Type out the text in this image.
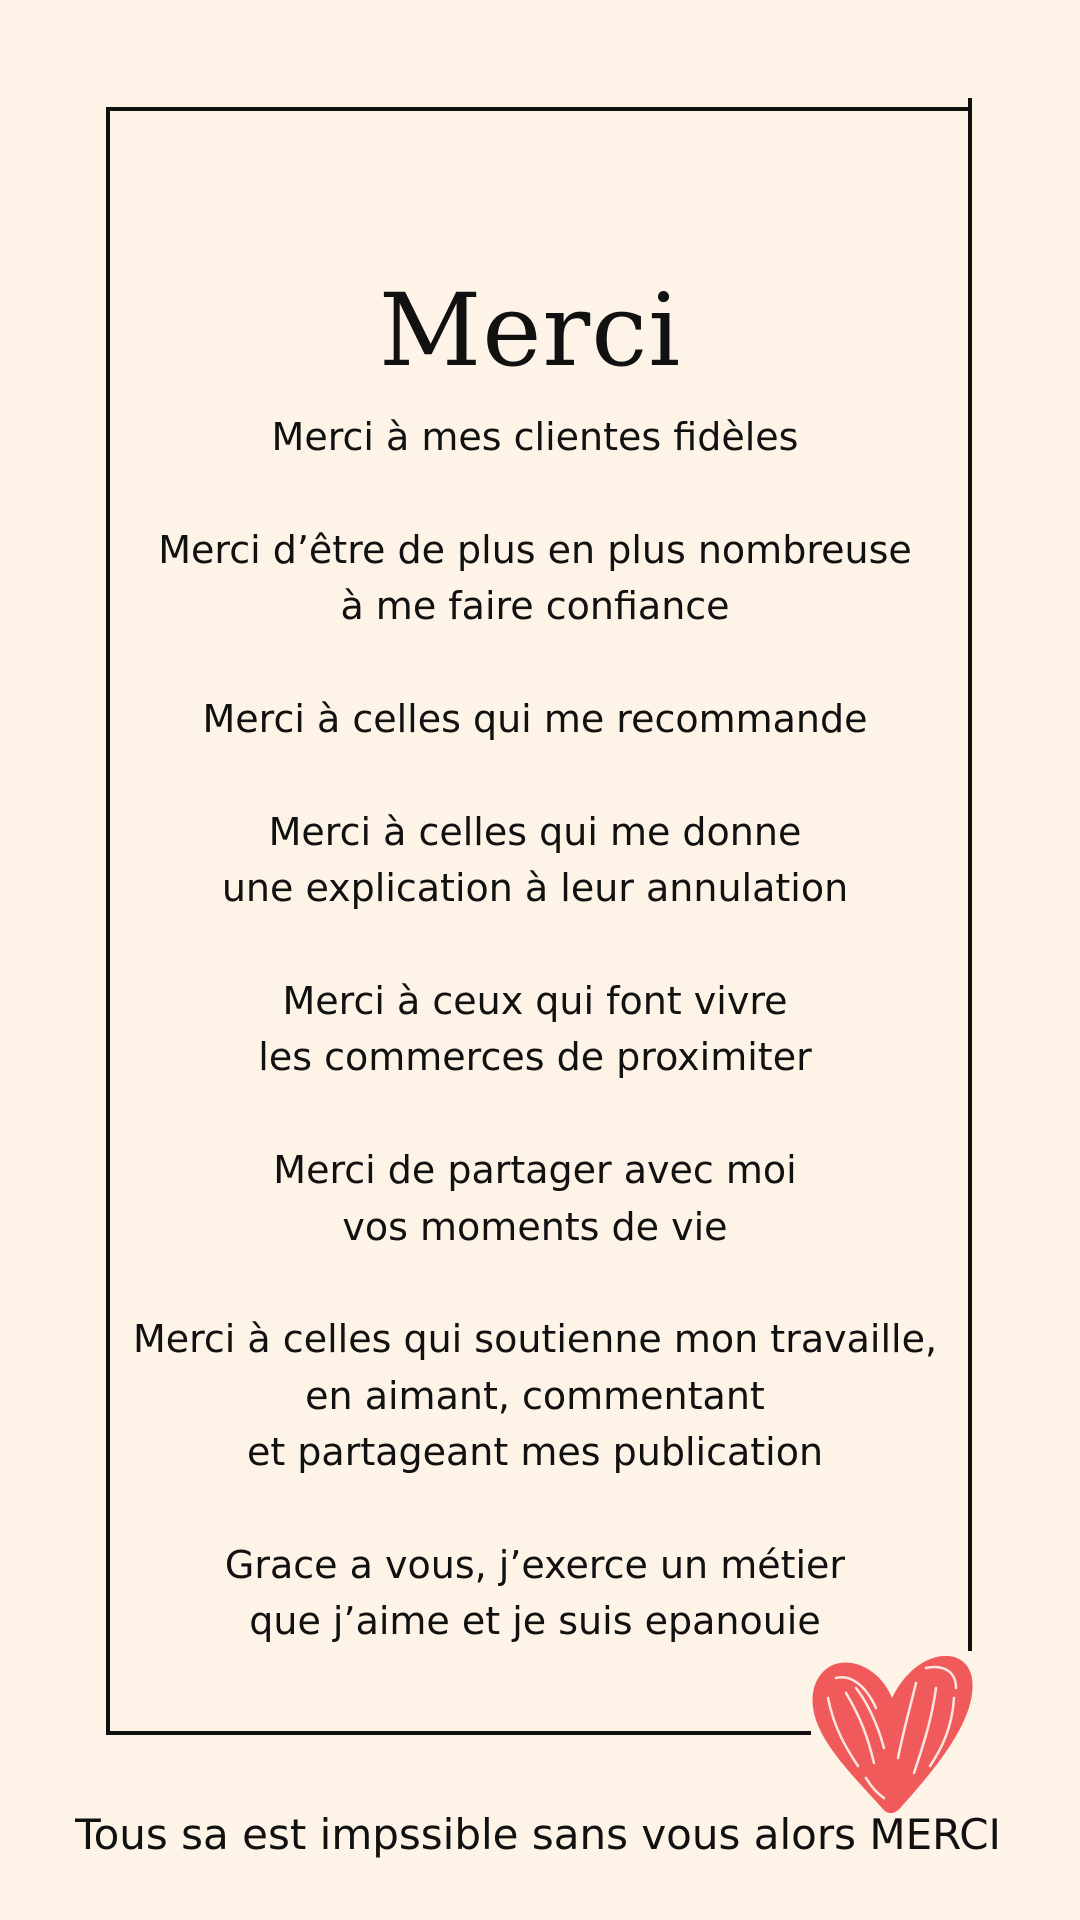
Merci

Merci à mes clientes fidèles

Merci d’être de plus en plus nombreuse
à me faire confiance

Merci à celles qui me recommande

Merci à celles qui me donne
une explication à leur annulation

Merci à ceux qui font vivre
les commerces de proximiter

Merci de partager avec moi
vos moments de vie

Merci à celles qui soutienne mon travaille,
en aimant, commentant
et partageant mes publication

Grace a vous, j’exerce un métier
que j’aime et je suis epanouie

Tous sa est impssible sans vous alors MERCI
